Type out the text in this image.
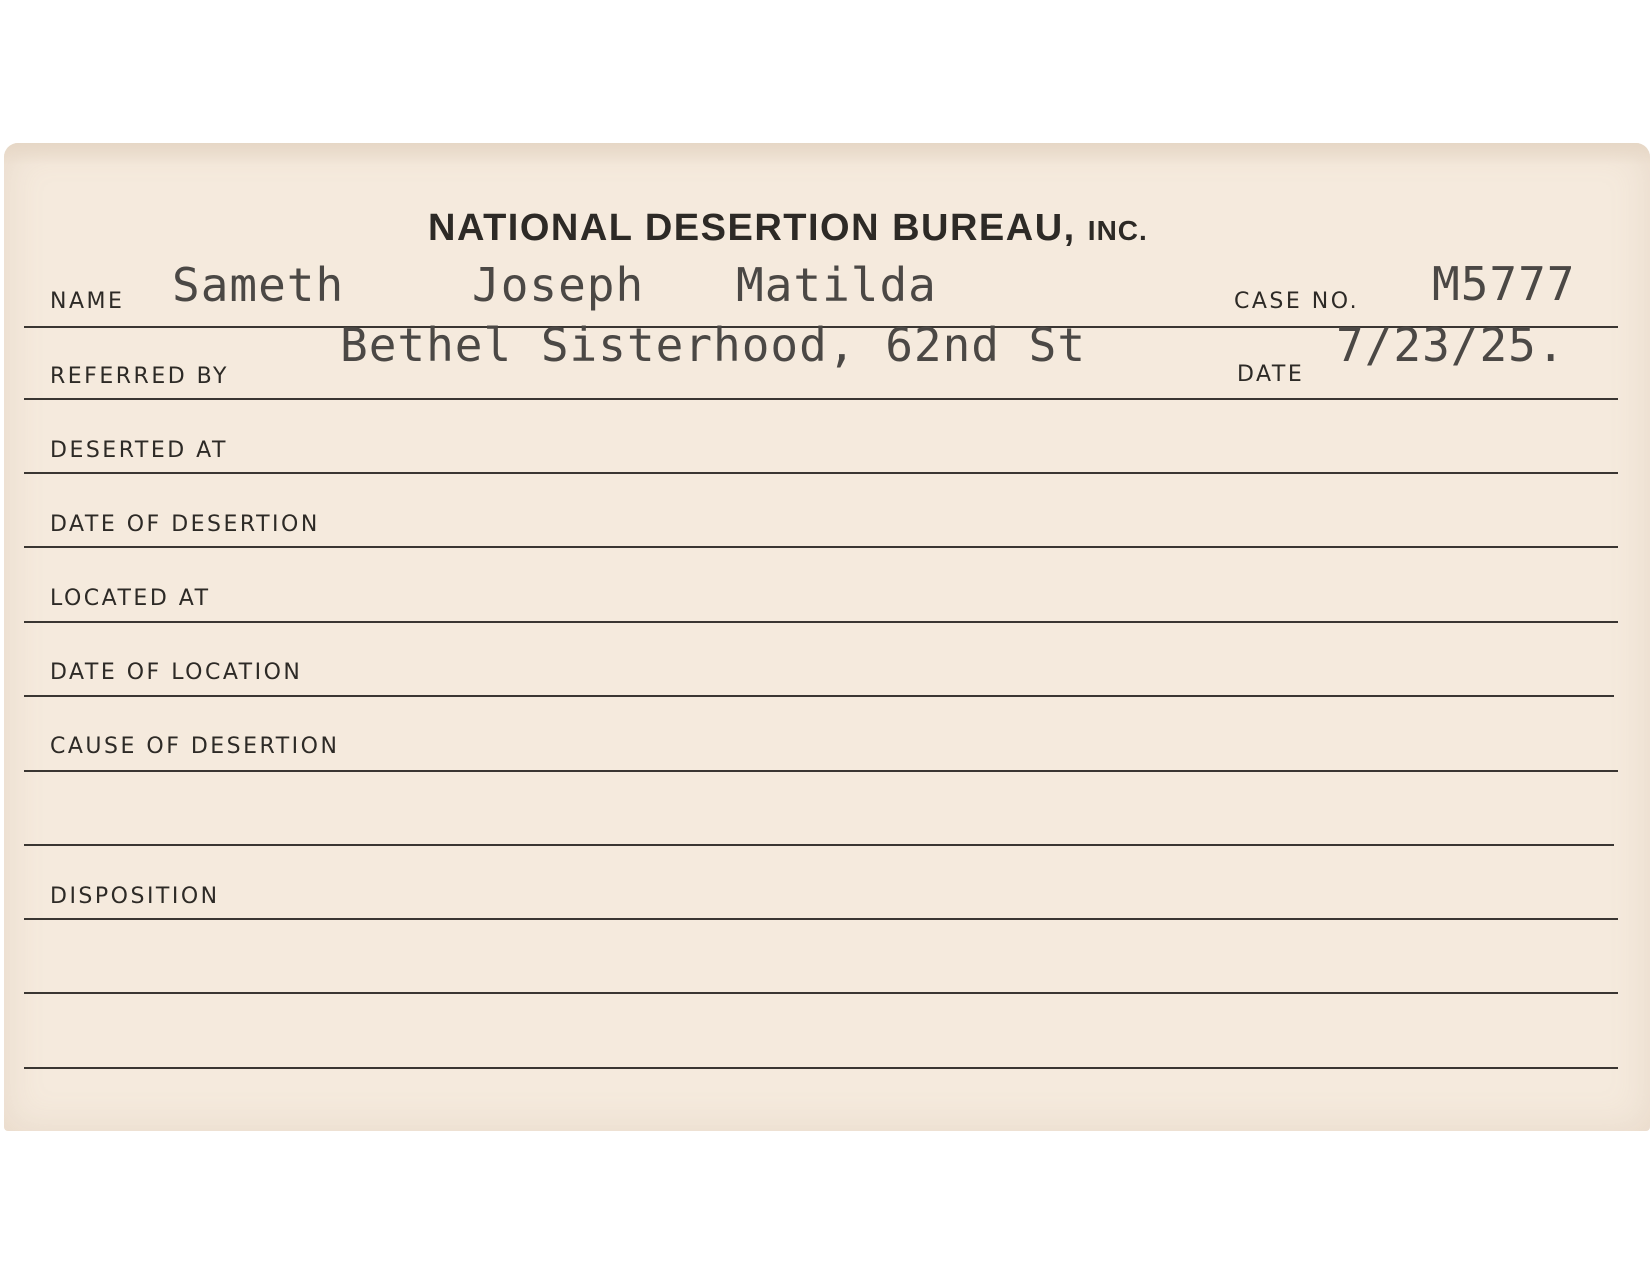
NATIONAL DESERTION BUREAU, INC.
NAME Sameth	Joseph Matilda	CASE NO. M5777
REFERRED BY
Bethel Sisterhood, 62nd St
DATE
7/23/25.
DESERTED AT
DATE OF DESERTION
LOCATED AT
DATE OF LOCATION
CAUSE OF DESERTION
DISPOSITION
